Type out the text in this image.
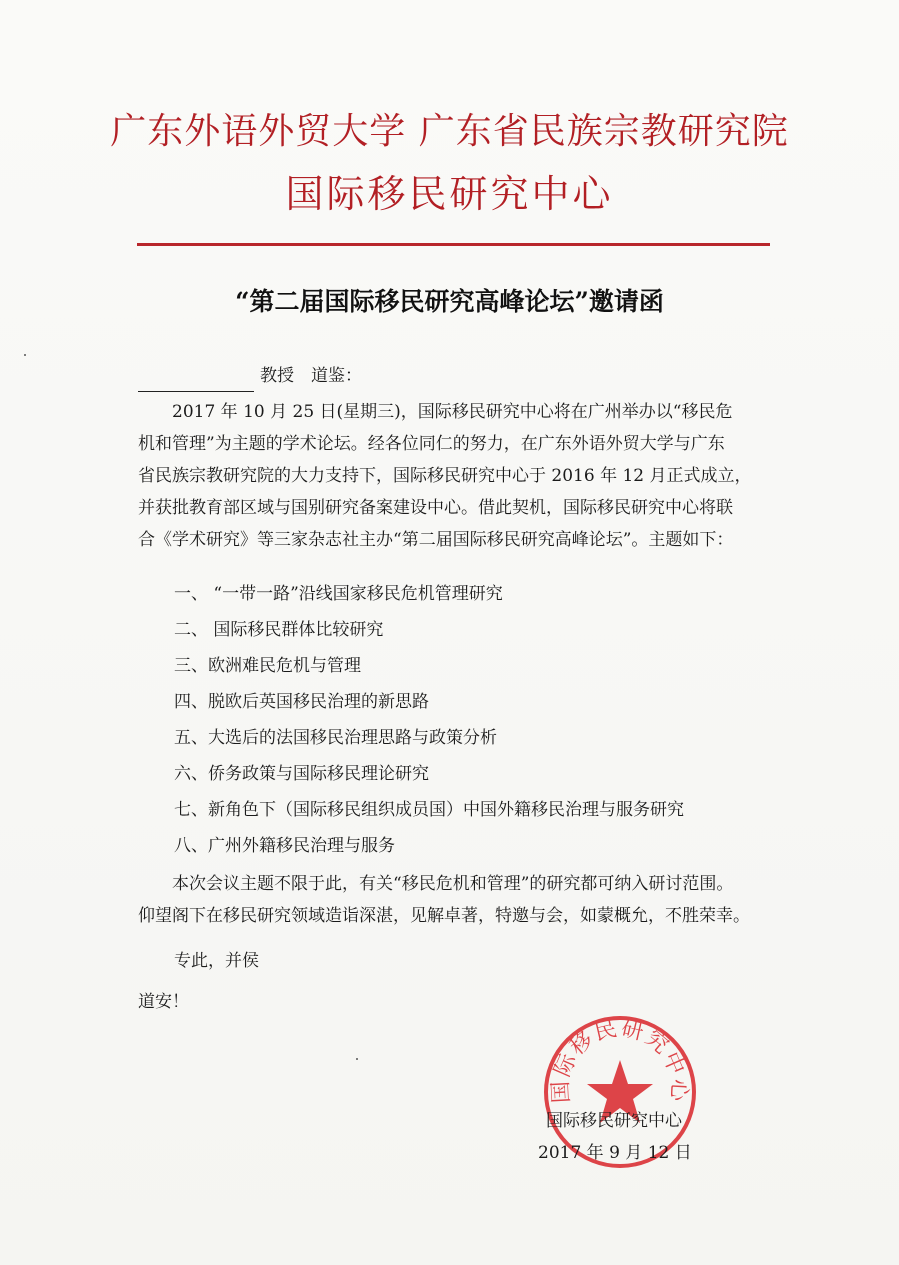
广东外语外贸大学 广东省民族宗教研究院
国际移民研究中心
“第二届国际移民研究高峰论坛”邀请函
教授　道鉴：

　　2017 年 10 月 25 日(星期三)，国际移民研究中心将在广州举办以“移民危

机和管理”为主题的学术论坛。经各位同仁的努力，在广东外语外贸大学与广东

省民族宗教研究院的大力支持下，国际移民研究中心于 2016 年 12 月正式成立，

并获批教育部区域与国别研究备案建设中心。借此契机，国际移民研究中心将联

合《学术研究》等三家杂志社主办“第二届国际移民研究高峰论坛”。主题如下：

一、 “一带一路”沿线国家移民危机管理研究
二、 国际移民群体比较研究
三、欧洲难民危机与管理
四、脱欧后英国移民治理的新思路
五、大选后的法国移民治理思路与政策分析
六、侨务政策与国际移民理论研究
七、新角色下（国际移民组织成员国）中国外籍移民治理与服务研究
八、广州外籍移民治理与服务

　　本次会议主题不限于此，有关“移民危机和管理”的研究都可纳入研讨范围。

仰望阁下在移民研究领域造诣深湛，见解卓著，特邀与会，如蒙概允，不胜荣幸。

专此，并侯
道安！
国际移民研究中心
国际移民研究中心
2017 年 9 月 12 日
